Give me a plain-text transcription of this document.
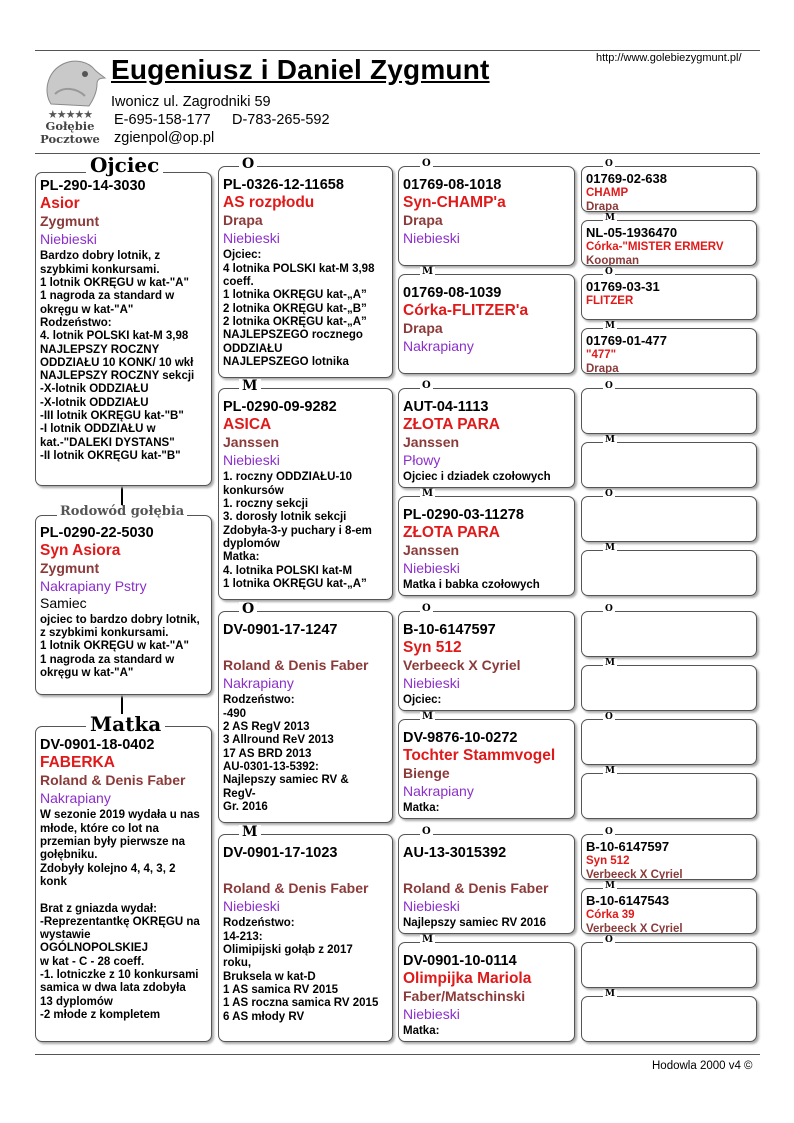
★★★★★
Gołębie
Pocztowe
Eugeniusz i Daniel Zygmunt
Iwonicz ul. Zagrodniki 59
E-695-158-177 D-783-265-592
zgienpol@op.pl
http://www.golebiezygmunt.pl/
Hodowla 2000 v4 ©
PL-290-14-3030
Asior
Zygmunt
Niebieski
Bardzo dobry lotnik, z
szybkimi konkursami.
1 lotnik OKRĘGU w kat-"A"
1 nagroda za standard w
okręgu w kat-"A"
Rodzeństwo:
4. lotnik POLSKI kat-M 3,98
NAJLEPSZY ROCZNY
ODDZIAŁU 10 KONK/ 10 wkł
NAJLEPSZY ROCZNY sekcji
-X-lotnik ODDZIAŁU
-X-lotnik ODDZIAŁU
-III lotnik OKRĘGU kat-"B"
-I lotnik ODDZIAŁU w
kat.-"DALEKI DYSTANS"
-II lotnik OKRĘGU kat-"B"
Ojciec
PL-0290-22-5030
Syn Asiora
Zygmunt
Nakrapiany Pstry
Samiec
ojciec to bardzo dobry lotnik,
z szybkimi konkursami.
1 lotnik OKRĘGU w kat-"A"
1 nagroda za standard w
okręgu w kat-"A"
Rodowód gołębia
DV-0901-18-0402
FABERKA
Roland & Denis Faber
Nakrapiany
W sezonie 2019 wydała u nas
młode, które co lot na
przemian były pierwsze na
gołębniku.
Zdobyły kolejno 4, 4, 3, 2
konk

Brat z gniazda wydał:
-Reprezentantkę OKRĘGU na
wystawie
OGÓLNOPOLSKIEJ
w kat - C - 28 coeff.
-1. lotniczke z 10 konkursami
samica w dwa lata zdobyła
13 dyplomów
-2 młode z kompletem
Matka
PL-0326-12-11658
AS rozpłodu
Drapa
Niebieski
Ojciec:
4 lotnika POLSKI kat-M 3,98
coeff.
1 lotnika OKRĘGU kat-„A”
2 lotnika OKRĘGU kat-„B”
2 lotnika OKRĘGU kat-„A”
NAJLEPSZEGO rocznego
ODDZIAŁU
NAJLEPSZEGO lotnika
O
PL-0290-09-9282
ASICA
Janssen
Niebieski
1. roczny ODDZIAŁU-10
konkursów
1. roczny sekcji
3. dorosły lotnik sekcji
Zdobyła-3-y puchary i 8-em
dyplomów
Matka:
4. lotnika POLSKI kat-M
1 lotnika OKRĘGU kat-„A”
M
DV-0901-17-1247
Roland & Denis Faber
Nakrapiany
Rodzeństwo:
-490
2 AS RegV 2013
3 Allround ReV 2013
17 AS BRD 2013
AU-0301-13-5392:
Najlepszy samiec RV &
RegV-
Gr. 2016
O
DV-0901-17-1023
Roland & Denis Faber
Niebieski
Rodzeństwo:
14-213:
Olimipijski gołąb z 2017
roku,
Bruksela w kat-D
1 AS samica RV 2015
1 AS roczna samica RV 2015
6 AS młody RV
M
01769-08-1018
Syn-CHAMP'a
Drapa
Niebieski
O
01769-08-1039
Córka-FLITZER'a
Drapa
Nakrapiany
M
AUT-04-1113
ZŁOTA PARA
Janssen
Płowy
Ojciec i dziadek czołowych
O
PL-0290-03-11278
ZŁOTA PARA
Janssen
Niebieski
Matka i babka czołowych
M
B-10-6147597
Syn 512
Verbeeck X Cyriel
Niebieski
Ojciec:
O
DV-9876-10-0272
Tochter Stammvogel
Bienge
Nakrapiany
Matka:
M
AU-13-3015392
Roland & Denis Faber
Niebieski
Najlepszy samiec RV 2016
O
DV-0901-10-0114
Olimpijka Mariola
Faber/Matschinski
Niebieski
Matka:
M
01769-02-638
CHAMP
Drapa
O
NL-05-1936470
Córka-"MISTER ERMERV
Koopman
M
01769-03-31
FLITZER
O
01769-01-477
"477"
Drapa
M
O
M
O
M
O
M
O
M
B-10-6147597
Syn 512
Verbeeck X Cyriel
O
B-10-6147543
Córka 39
Verbeeck X Cyriel
M
O
M
